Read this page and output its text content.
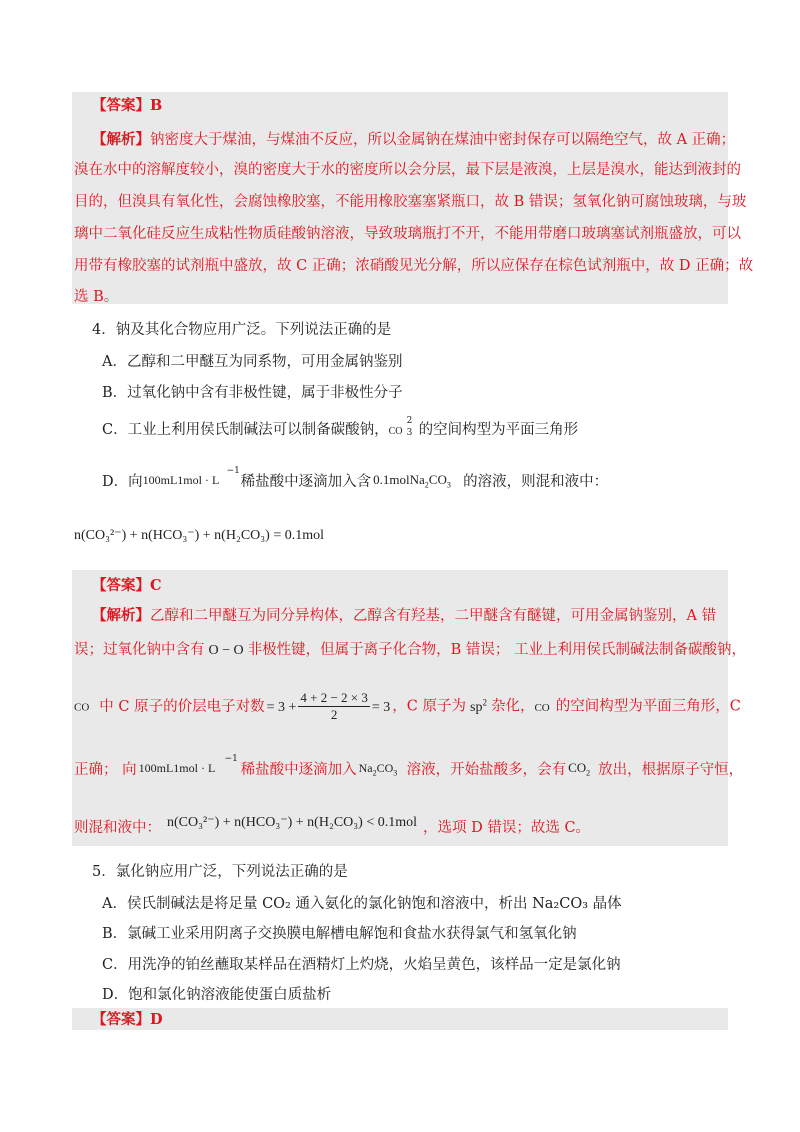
【答案】B
【解析】钠密度大于煤油，与煤油不反应，所以金属钠在煤油中密封保存可以隔绝空气，故 A 正确；
溴在水中的溶解度较小，溴的密度大于水的密度所以会分层，最下层是液溴，上层是溴水，能达到液封的
目的，但溴具有氧化性，会腐蚀橡胶塞，不能用橡胶塞塞紧瓶口，故 B 错误；氢氧化钠可腐蚀玻璃，与玻
璃中二氧化硅反应生成粘性物质硅酸钠溶液，导致玻璃瓶打不开，不能用带磨口玻璃塞试剂瓶盛放，可以
用带有橡胶塞的试剂瓶中盛放，故 C 正确；浓硝酸见光分解，所以应保存在棕色试剂瓶中，故 D 正确；故
选 B。
4．钠及其化合物应用广泛。下列说法正确的是
A．乙醇和二甲醚互为同系物，可用金属钠鉴别
B．过氧化钠中含有非极性键，属于非极性分子
C．工业上利用侯氏制碱法可以制备碳酸钠， CO
2
3 的空间构型为平面三角形
D．向 100mL1mol · L
−1
稀盐酸中逐滴加入含 $0.1molNa_2CO_3$ 的溶液，则混和液中：
n(CO₃²⁻) + n(HCO₃⁻) + n(H₂CO₃) = 0.1mol
【答案】C
【解析】乙醇和二甲醚互为同分异构体，乙醇含有羟基，二甲醚含有醚键，可用金属钠鉴别，A 错
误；过氧化钠中含有 O − O 非极性键，但属于离子化合物，B 错误； 工业上利用侯氏制碱法制备碳酸钠，
CO 中 C 原子的价层电子对数 = $3 + \frac{4 + 2 - 2 \times 3}{2} = 3$ ，C 原子为 $sp^2$ 杂化，CO 的空间构型为平面三角形，C
正确； 向 100mL1mol · L
−1
稀盐酸中逐滴加入 $Na_2CO_3$ 溶液，开始盐酸多，会有 $CO_2$ 放出，根据原子守恒，
则混和液中： n(CO₃²⁻) + n(HCO₃⁻) + n(H₂CO₃) < 0.1mol ，选项 D 错误；故选 C。
5．氯化钠应用广泛，下列说法正确的是
A．侯氏制碱法是将足量 CO₂ 通入氨化的氯化钠饱和溶液中，析出 Na₂CO₃ 晶体
B．氯碱工业采用阴离子交换膜电解槽电解饱和食盐水获得氯气和氢氧化钠
C．用洗净的铂丝蘸取某样品在酒精灯上灼烧，火焰呈黄色，该样品一定是氯化钠
D．饱和氯化钠溶液能使蛋白质盐析
【答案】D
